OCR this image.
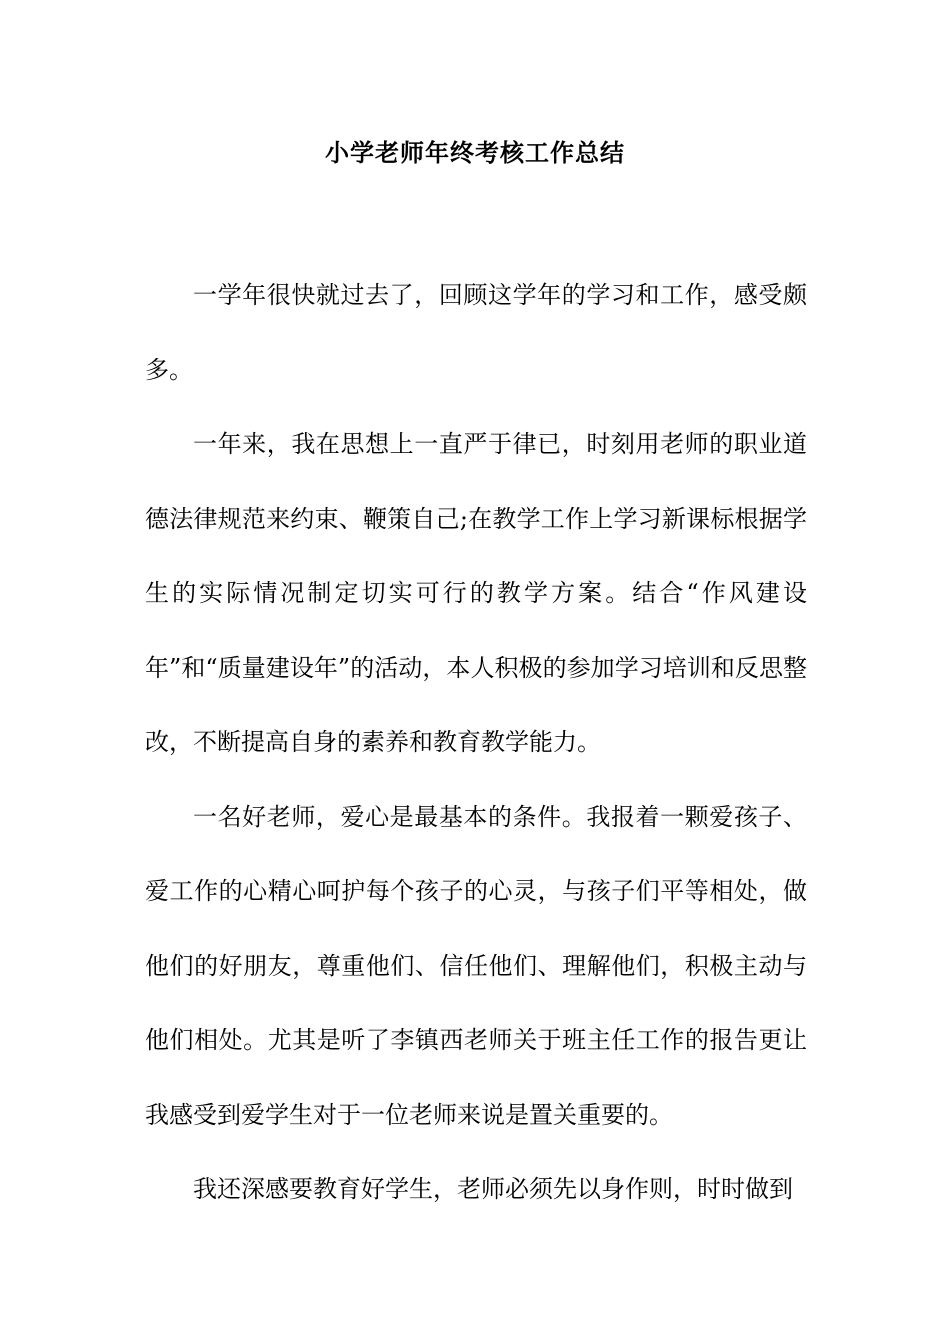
小学老师年终考核工作总结

一学年很快就过去了，回顾这学年的学习和工作，感受颇多。

一年来，我在思想上一直严于律已，时刻用老师的职业道德法律规范来约束、鞭策自己;在教学工作上学习新课标根据学生的实际情况制定切实可行的教学方案。结合“作风建设年”和“质量建设年”的活动，本人积极的参加学习培训和反思整改，不断提高自身的素养和教育教学能力。

一名好老师，爱心是最基本的条件。我报着一颗爱孩子、爱工作的心精心呵护每个孩子的心灵，与孩子们平等相处，做他们的好朋友，尊重他们、信任他们、理解他们，积极主动与他们相处。尤其是听了李镇西老师关于班主任工作的报告更让我感受到爱学生对于一位老师来说是置关重要的。

我还深感要教育好学生，老师必须先以身作则，时时做到
